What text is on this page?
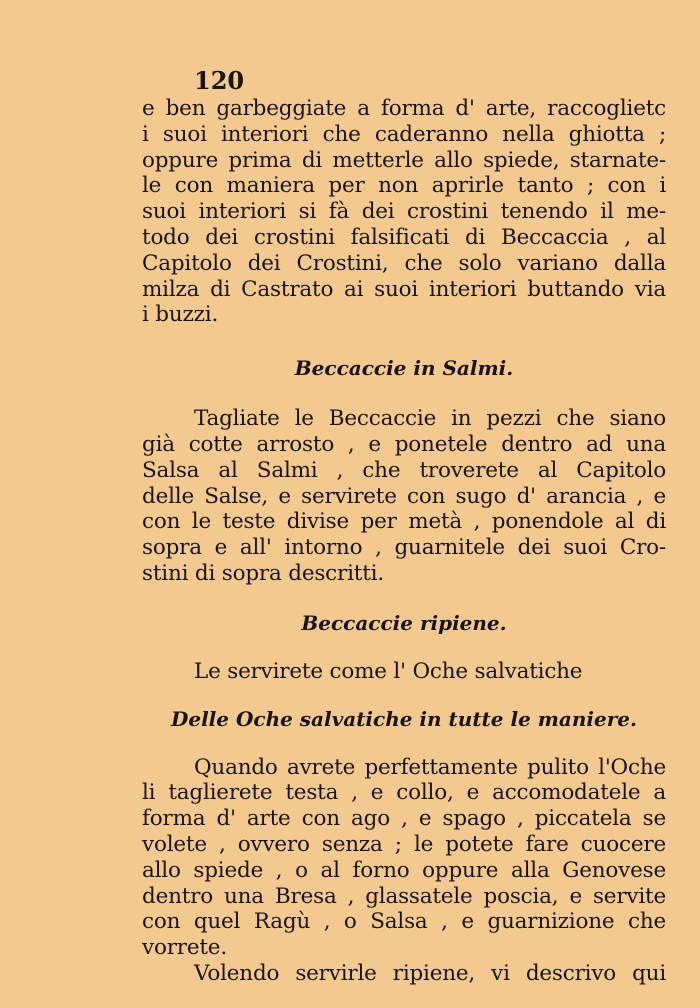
120
e ben garbeggiate a forma d' arte, raccoglietc
i suoi interiori che caderanno nella ghiotta ;
oppure prima di metterle allo spiede, starnate-
le con maniera per non aprirle tanto ; con i
suoi interiori si fà dei crostini tenendo il me-
todo dei crostini falsificati di Beccaccia , al
Capitolo dei Crostini, che solo variano dalla
milza di Castrato ai suoi interiori buttando via
i buzzi.
Beccaccie in Salmi.
Tagliate le Beccaccie in pezzi che siano
già cotte arrosto , e ponetele dentro ad una
Salsa al Salmi , che troverete al Capitolo
delle Salse, e servirete con sugo d' arancia , e
con le teste divise per metà , ponendole al di
sopra e all' intorno , guarnitele dei suoi Cro-
stini di sopra descritti.
Beccaccie ripiene.
Le servirete come l' Oche salvatiche
Delle Oche salvatiche in tutte le maniere.
Quando avrete perfettamente pulito l'Oche
li taglierete testa , e collo, e accomodatele a
forma d' arte con ago , e spago , piccatela se
volete , ovvero senza ; le potete fare cuocere
allo spiede , o al forno oppure alla Genovese
dentro una Bresa , glassatele poscia, e servite
con quel Ragù , o Salsa , e guarnizione che
vorrete.
Volendo servirle ripiene, vi descrivo qui
